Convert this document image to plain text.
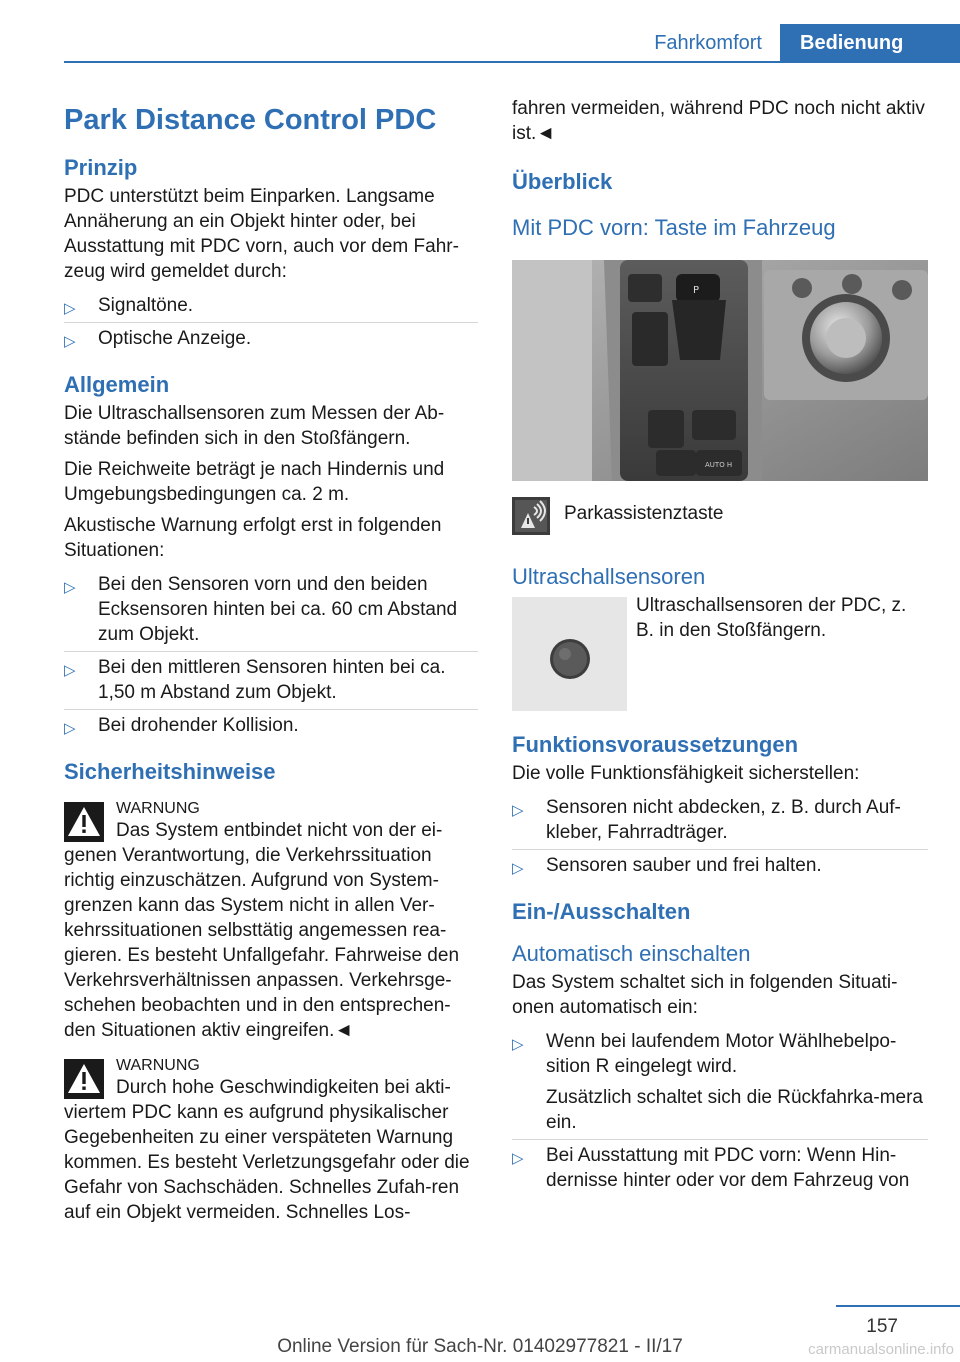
Fahrkomfort	Bedienung
Park Distance Control PDC
Prinzip

PDC unterstützt beim Einparken. Langsame Annäherung an ein Objekt hinter oder, bei Ausstattung mit PDC vorn, auch vor dem Fahr-zeug wird gemeldet durch:

▷ Signaltöne.
▷ Optische Anzeige.
Allgemein

Die Ultraschallsensoren zum Messen der Ab-stände befinden sich in den Stoßfängern.

Die Reichweite beträgt je nach Hindernis und Umgebungsbedingungen ca. 2 m.

Akustische Warnung erfolgt erst in folgenden Situationen:

▷ Bei den Sensoren vorn und den beiden Ecksensoren hinten bei ca. 60 cm Abstand zum Objekt.
▷ Bei den mittleren Sensoren hinten bei ca. 1,50 m Abstand zum Objekt.
▷ Bei drohender Kollision.
Sicherheitshinweise
WARNUNG

Das System entbindet nicht von der ei-genen Verantwortung, die Verkehrssituation richtig einzuschätzen. Aufgrund von System-grenzen kann das System nicht in allen Ver-kehrssituationen selbsttätig angemessen rea-gieren. Es besteht Unfallgefahr. Fahrweise den Verkehrsverhältnissen anpassen. Verkehrsge-schehen beobachten und in den entsprechen-den Situationen aktiv eingreifen.◄

WARNUNG

Durch hohe Geschwindigkeiten bei akti-viertem PDC kann es aufgrund physikalischer Gegebenheiten zu einer verspäteten Warnung kommen. Es besteht Verletzungsgefahr oder die Gefahr von Sachschäden. Schnelles Zufah-ren auf ein Objekt vermeiden. Schnelles Los-

fahren vermeiden, während PDC noch nicht aktiv ist.◄

Überblick
Mit PDC vorn: Taste im Fahrzeug
P
AUTO H
Parkassistenztaste
Ultraschallsensoren
Ultraschallsensoren der PDC, z. B. in den Stoßfängern.
Funktionsvoraussetzungen

Die volle Funktionsfähigkeit sicherstellen:

▷ Sensoren nicht abdecken, z. B. durch Auf-kleber, Fahrradträger.
▷ Sensoren sauber und frei halten.
Ein-/Ausschalten
Automatisch einschalten

Das System schaltet sich in folgenden Situati-onen automatisch ein:

▷ Wenn bei laufendem Motor Wählhebelpo-sition R eingelegt wird.
Zusätzlich schaltet sich die Rückfahrka-mera ein.
▷ Bei Ausstattung mit PDC vorn: Wenn Hin-dernisse hinter oder vor dem Fahrzeug von
157
Online Version für Sach-Nr. 01402977821 - II/17	carmanualsonline.info
